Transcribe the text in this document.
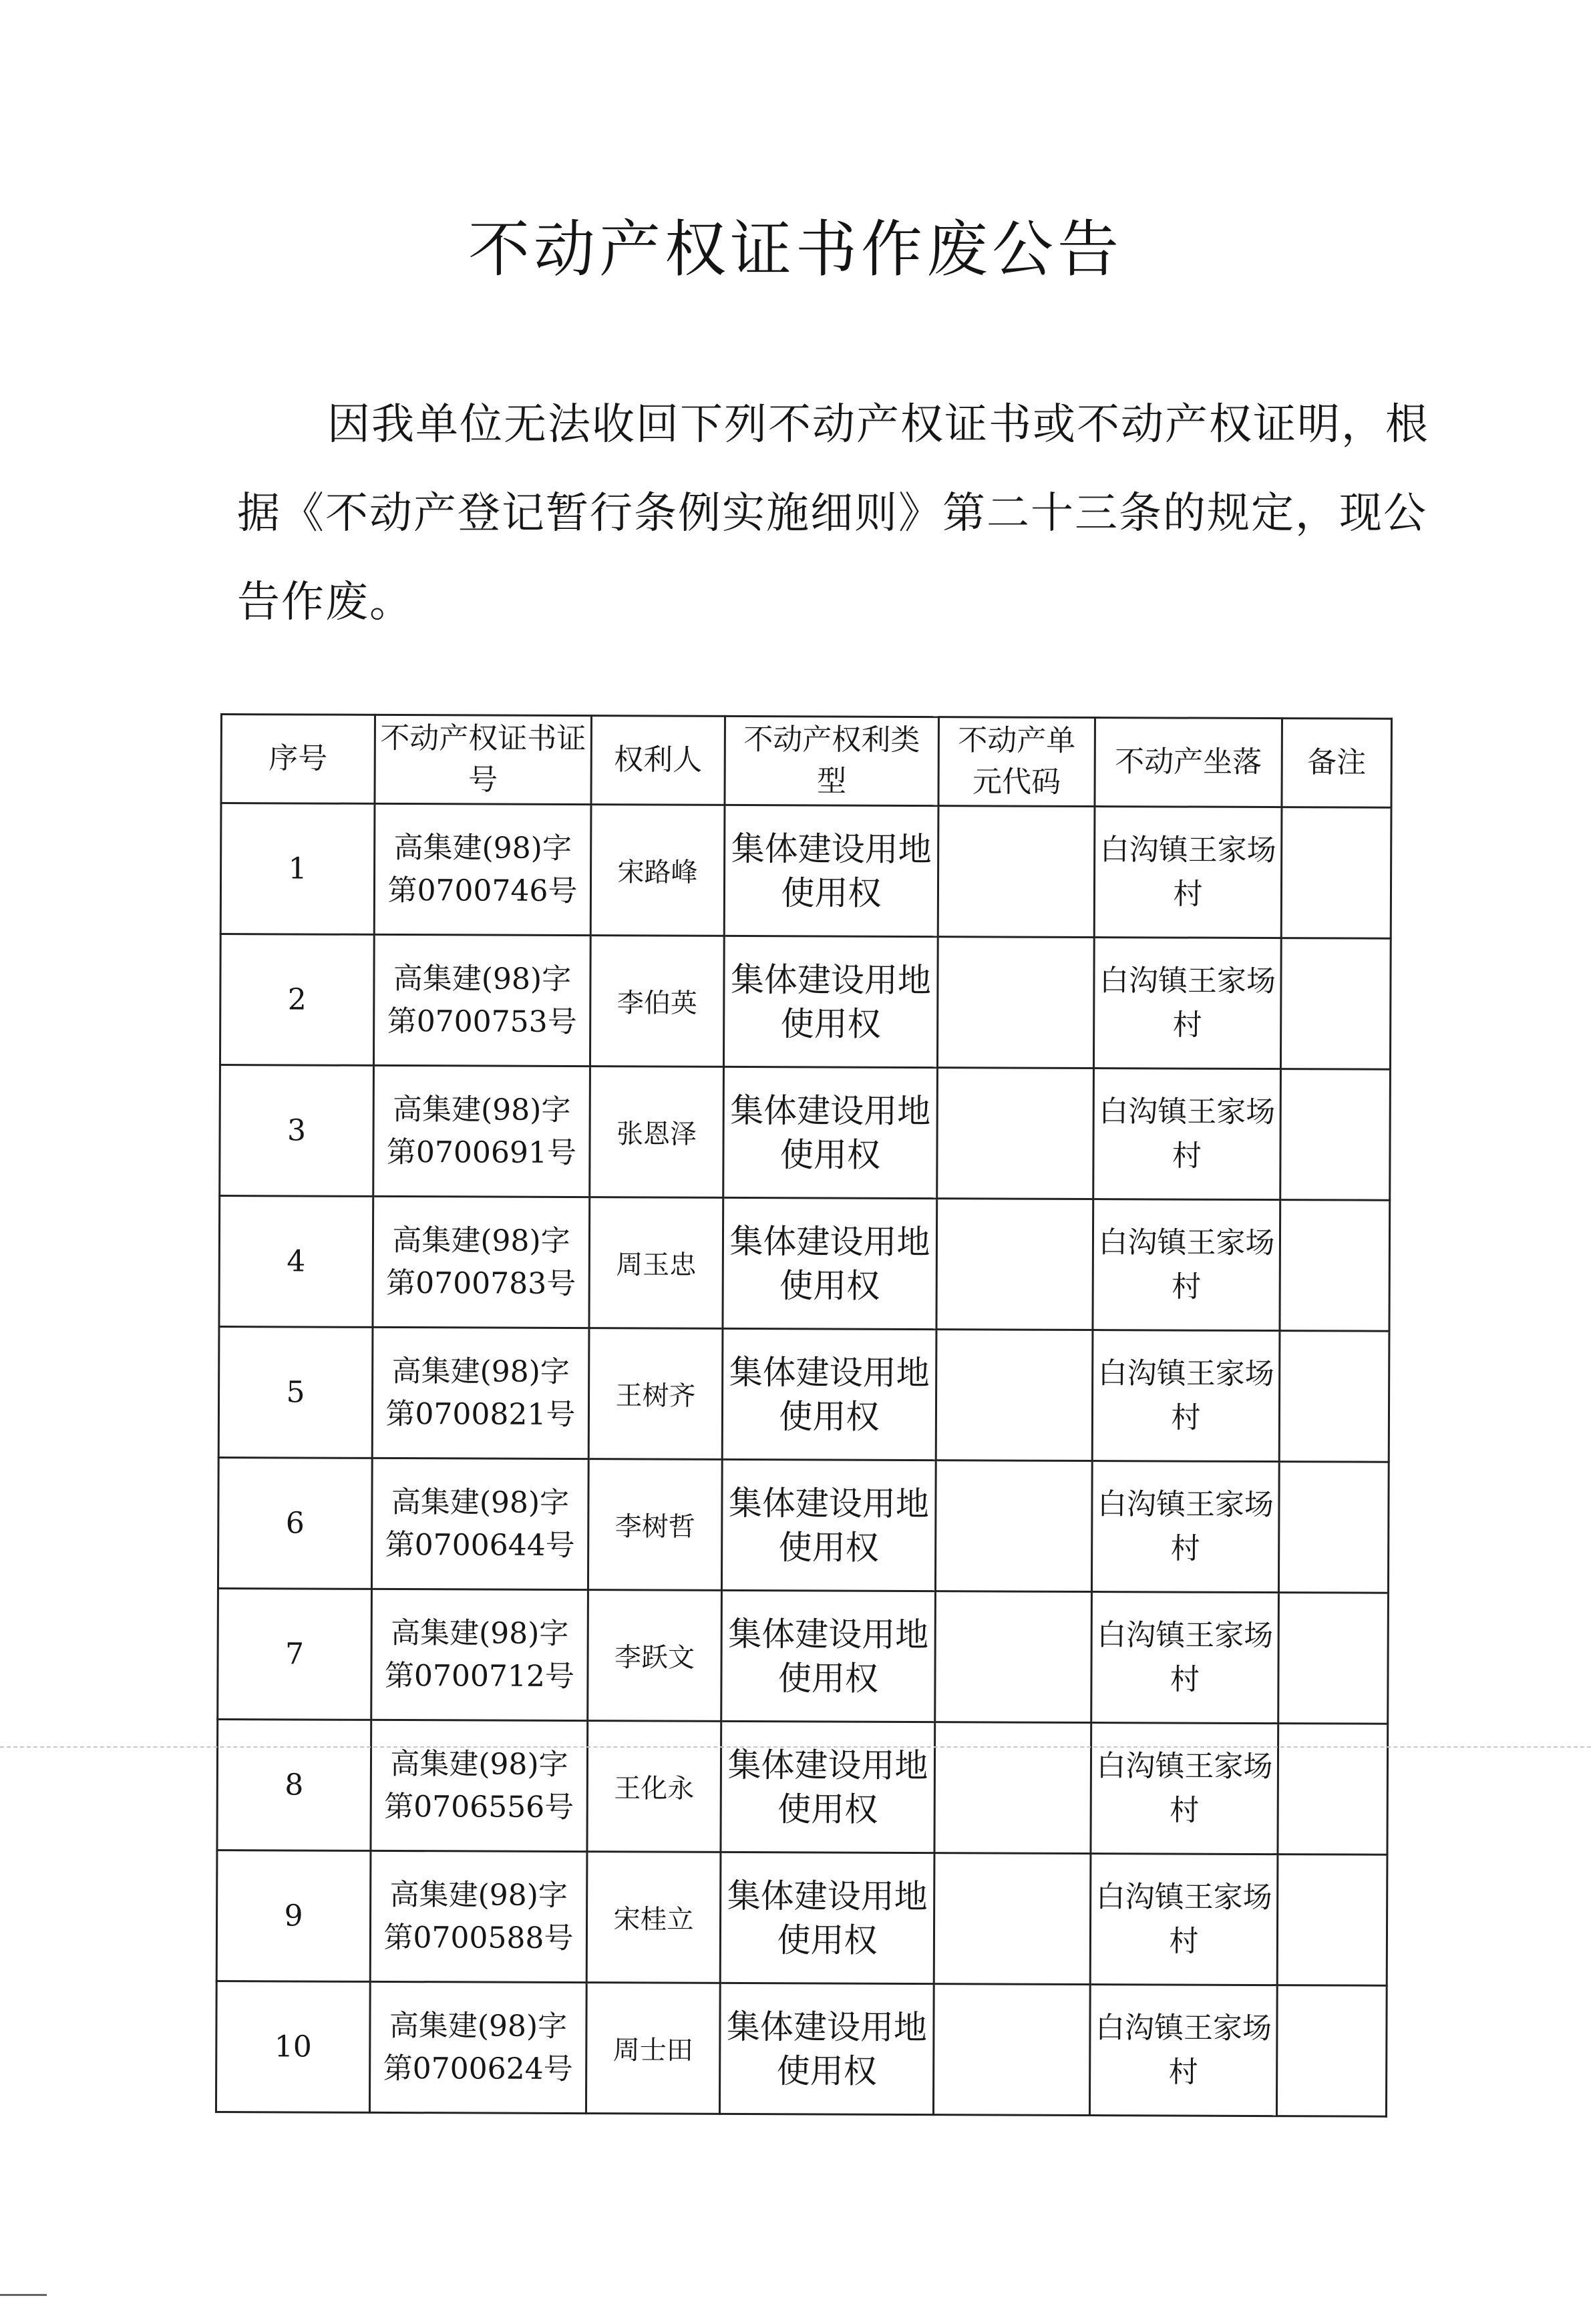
不动产权证书作废公告
因我单位无法收回下列不动产权证书或不动产权证明，根据《不动产登记暂行条例实施细则》第二十三条的规定，现公告作废。
序号	不动产权证书证号	权利人	不动产权利类型	不动产单元代码	不动产坐落	备注
1	高集建(98)字第0700746号	宋路峰	集体建设用地使用权		白沟镇王家场村	
2	高集建(98)字第0700753号	李伯英	集体建设用地使用权		白沟镇王家场村	
3	高集建(98)字第0700691号	张恩泽	集体建设用地使用权		白沟镇王家场村	
4	高集建(98)字第0700783号	周玉忠	集体建设用地使用权		白沟镇王家场村	
5	高集建(98)字第0700821号	王树齐	集体建设用地使用权		白沟镇王家场村	
6	高集建(98)字第0700644号	李树哲	集体建设用地使用权		白沟镇王家场村	
7	高集建(98)字第0700712号	李跃文	集体建设用地使用权		白沟镇王家场村	
8	高集建(98)字第0706556号	王化永	集体建设用地使用权		白沟镇王家场村	
9	高集建(98)字第0700588号	宋桂立	集体建设用地使用权		白沟镇王家场村	
10	高集建(98)字第0700624号	周士田	集体建设用地使用权		白沟镇王家场村	
